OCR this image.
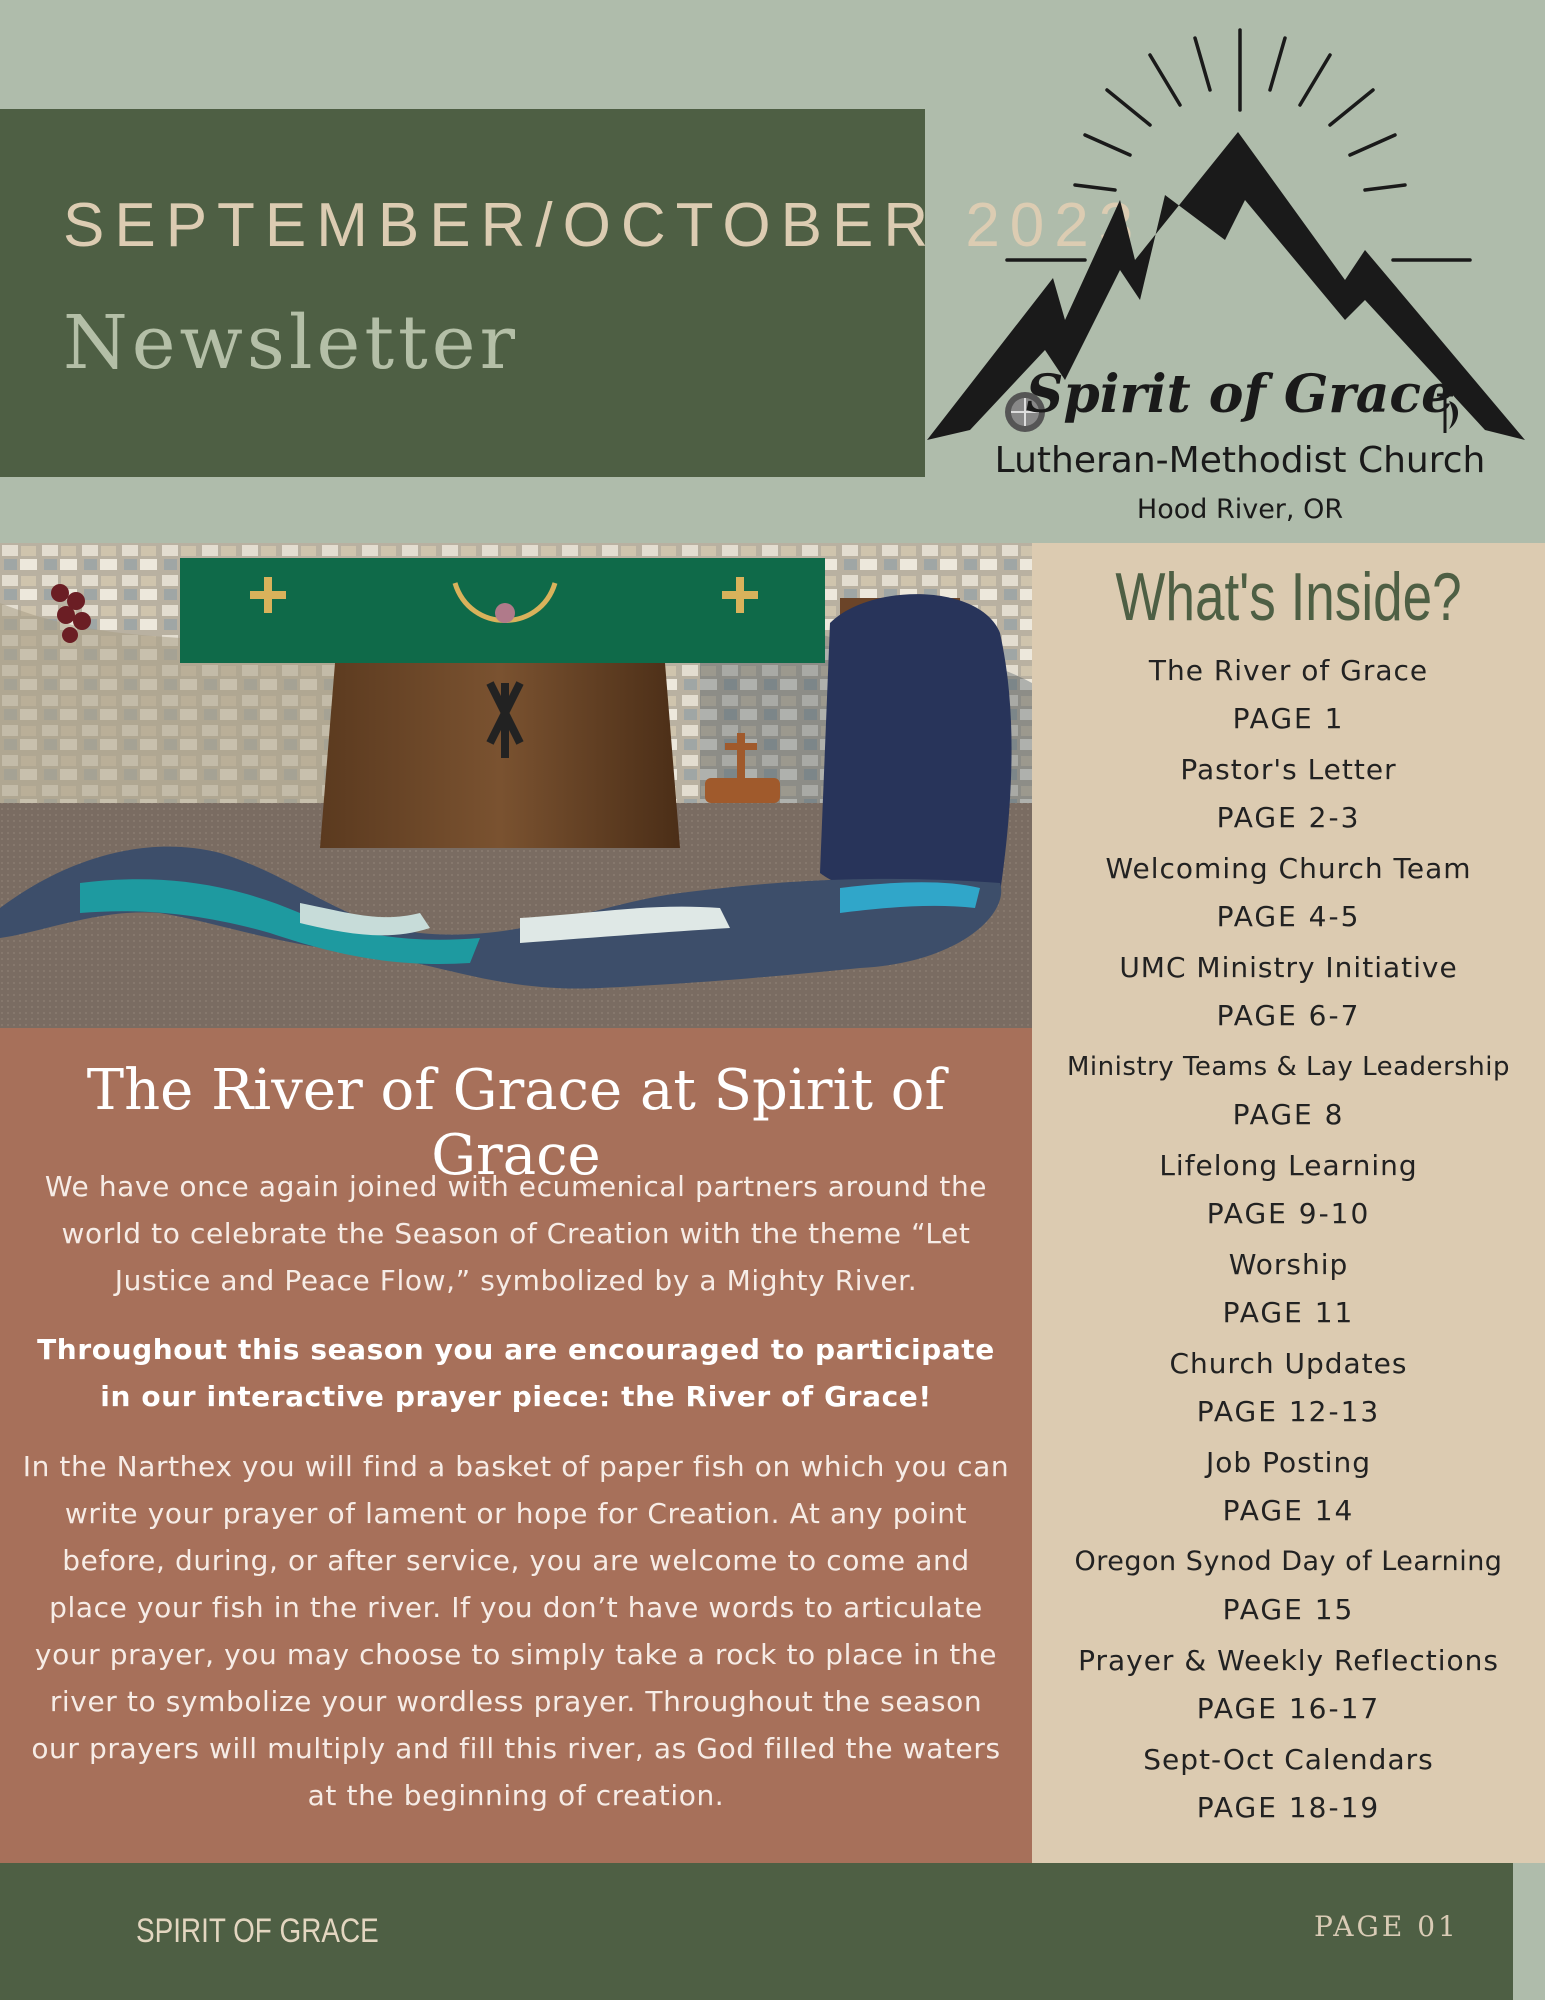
SEPTEMBER/OCTOBER 2023
Newsletter
Spirit of Grace
Lutheran-Methodist Church
Hood River, OR
The River of Grace at Spirit of Grace
We have once again joined with ecumenical partners around the world to celebrate the Season of Creation with the theme “Let Justice and Peace Flow,” symbolized by a Mighty River.
Throughout this season you are encouraged to participate in our interactive prayer piece: the River of Grace!
In the Narthex you will find a basket of paper fish on which you can write your prayer of lament or hope for Creation. At any point before, during, or after service, you are welcome to come and place your fish in the river. If you don’t have words to articulate your prayer, you may choose to simply take a rock to place in the river to symbolize your wordless prayer. Throughout the season our prayers will multiply and fill this river, as God filled the waters at the beginning of creation.
What's Inside?
The River of Grace
PAGE 1
Pastor's Letter
PAGE 2-3
Welcoming Church Team
PAGE 4-5
UMC Ministry Initiative
PAGE 6-7
Ministry Teams & Lay Leadership
PAGE 8
Lifelong Learning
PAGE 9-10
Worship
PAGE 11
Church Updates
PAGE 12-13
Job Posting
PAGE 14
Oregon Synod Day of Learning
PAGE 15
Prayer & Weekly Reflections
PAGE 16-17
Sept-Oct Calendars
PAGE 18-19
SPIRIT OF GRACE	PAGE 01
